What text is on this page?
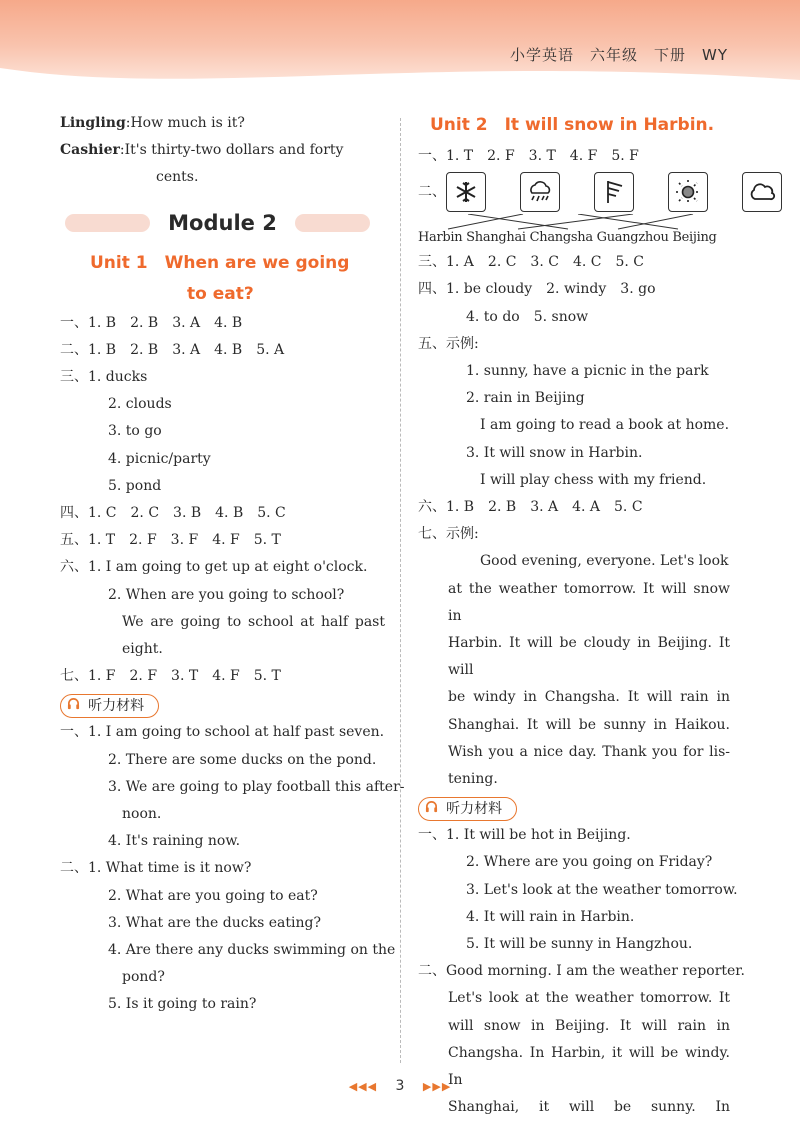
小学英语　六年级　下册　WY
Lingling:How much is it?
Cashier:It's thirty-two dollars and forty
cents.
Module 2
Unit 1　When are we going
to eat?
一、1. B　2. B　3. A　4. B
二、1. B　2. B　3. A　4. B　5. A
三、1. ducks
2. clouds
3. to go
4. picnic/party
5. pond
四、1. C　2. C　3. B　4. B　5. C
五、1. T　2. F　3. F　4. F　5. T
六、1. I am going to get up at eight o'clock.
2. When are you going to school?
We are going to school at half past
eight.
七、1. F　2. F　3. T　4. F　5. T
听力材料
一、1. I am going to school at half past seven.
2. There are some ducks on the pond.
3. We are going to play football this after-
noon.
4. It's raining now.
二、1. What time is it now?
2. What are you going to eat?
3. What are the ducks eating?
4. Are there any ducks swimming on the
pond?
5. Is it going to rain?
Unit 2　It will snow in Harbin.
一、1. T　2. F　3. T　4. F　5. F
二、
Harbin Shanghai Changsha Guangzhou Beijing
三、1. A　2. C　3. C　4. C　5. C
四、1. be cloudy　2. windy　3. go
4. to do　5. snow
五、示例:
1. sunny, have a picnic in the park
2. rain in Beijing
I am going to read a book at home.
3. It will snow in Harbin.
I will play chess with my friend.
六、1. B　2. B　3. A　4. A　5. C
七、示例:
Good evening, everyone. Let's look
at the weather tomorrow. It will snow in
Harbin. It will be cloudy in Beijing. It will
be windy in Changsha. It will rain in
Shanghai. It will be sunny in Haikou.
Wish you a nice day. Thank you for lis-
tening.
听力材料
一、1. It will be hot in Beijing.
2. Where are you going on Friday?
3. Let's look at the weather tomorrow.
4. It will rain in Harbin.
5. It will be sunny in Hangzhou.
二、Good morning. I am the weather reporter.
Let's look at the weather tomorrow. It
will snow in Beijing. It will rain in
Changsha. In Harbin, it will be windy. In
Shanghai, it will be sunny. In
◀◀◀ 3 ▶▶▶
